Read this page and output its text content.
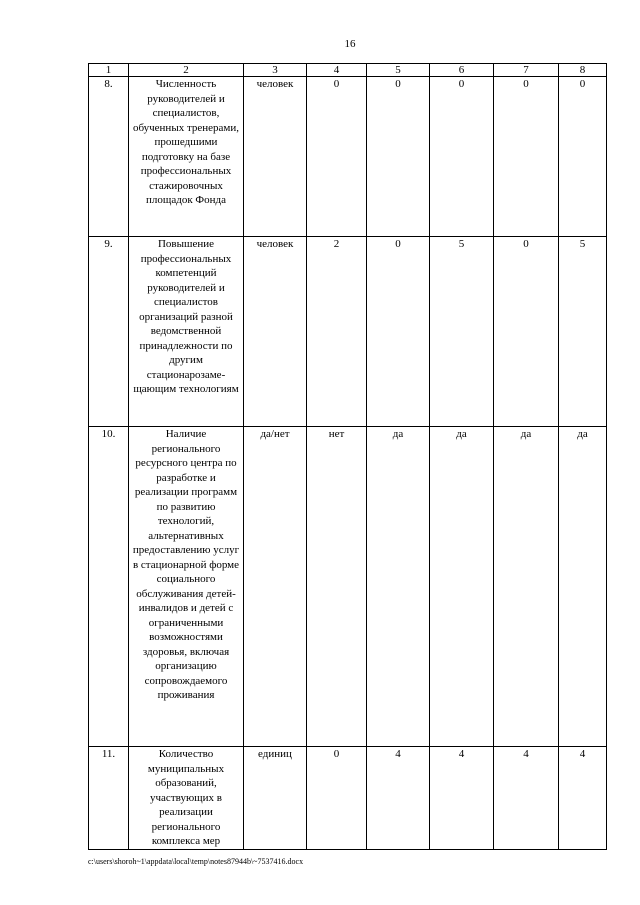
16
1	2	3	4	5	6	7	8
8.	Численность руководителей и специалистов, обученных тренерами, прошедшими подготовку на базе профессиональных стажировочных площадок Фонда	человек	0	0	0	0	0
9.	Повышение профессиональных компетенций руководителей и специалистов организаций разной ведомственной принадлежности по другим стационарозаме-щающим технологиям	человек	2	0	5	0	5
10.	Наличие регионального ресурсного центра по разработке и реализации программ по развитию технологий, альтернативных предоставлению услуг в стационарной форме социального обслуживания детей-инвалидов и детей с ограниченными возможностями здоровья, включая организацию сопровождаемого проживания	да/нет	нет	да	да	да	да
11.	Количество муниципальных образований, участвующих в реализации регионального комплекса мер	единиц	0	4	4	4	4
c:\users\shoroh~1\appdata\local\temp\notes87944b\~7537416.docx
